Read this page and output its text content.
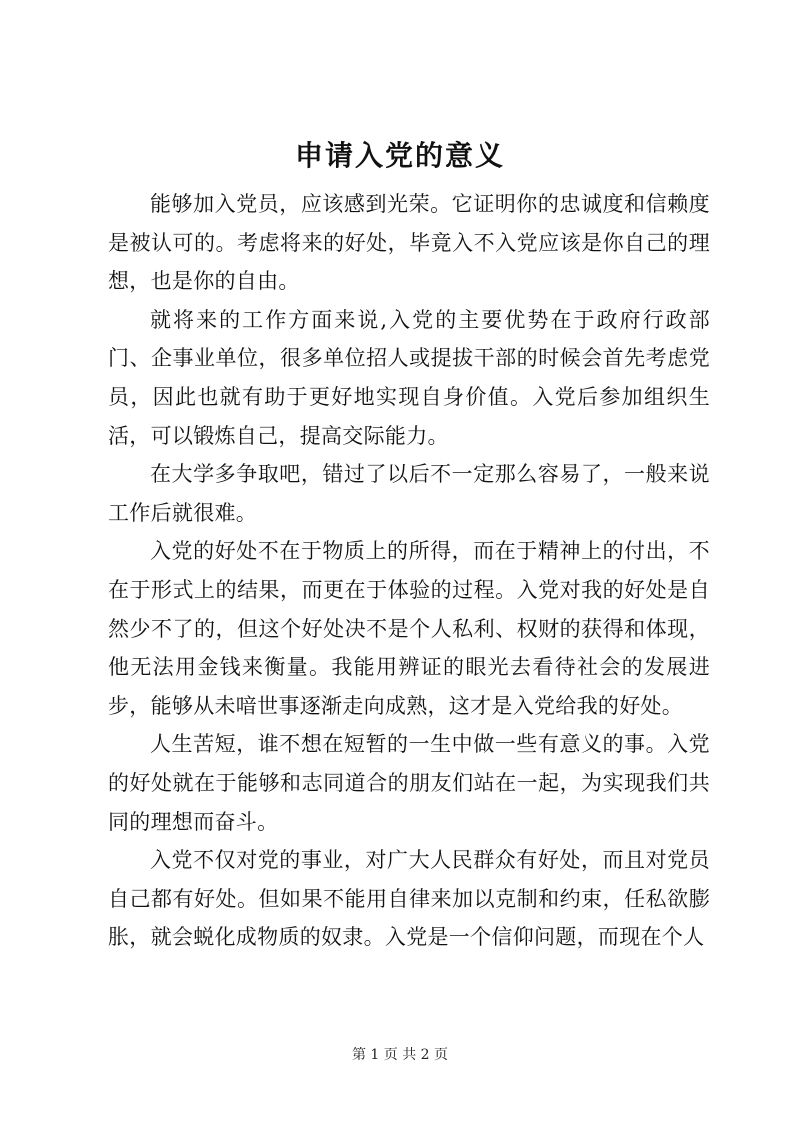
申请入党的意义

能够加入党员，应该感到光荣。它证明你的忠诚度和信赖度是被认可的。考虑将来的好处，毕竟入不入党应该是你自己的理想，也是你的自由。

就将来的工作方面来说,入党的主要优势在于政府行政部门、企事业单位，很多单位招人或提拔干部的时候会首先考虑党员，因此也就有助于更好地实现自身价值。入党后参加组织生活，可以锻炼自己，提高交际能力。

在大学多争取吧，错过了以后不一定那么容易了，一般来说工作后就很难。

入党的好处不在于物质上的所得，而在于精神上的付出，不在于形式上的结果，而更在于体验的过程。入党对我的好处是自然少不了的，但这个好处决不是个人私利、权财的获得和体现，他无法用金钱来衡量。我能用辨证的眼光去看待社会的发展进步，能够从未喑世事逐渐走向成熟，这才是入党给我的好处。

人生苦短，谁不想在短暂的一生中做一些有意义的事。入党的好处就在于能够和志同道合的朋友们站在一起，为实现我们共同的理想而奋斗。

入党不仅对党的事业，对广大人民群众有好处，而且对党员自己都有好处。但如果不能用自律来加以克制和约束，任私欲膨胀，就会蜕化成物质的奴隶。入党是一个信仰问题，而现在个人

第 1 页 共 2 页
